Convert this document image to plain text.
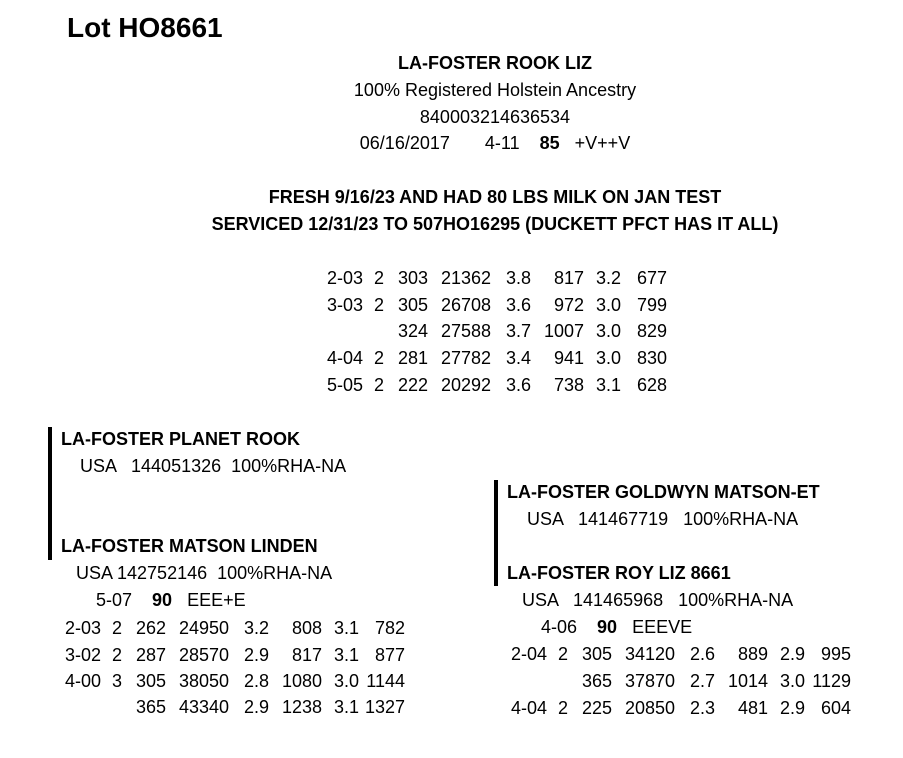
Lot HO8661
LA-FOSTER ROOK LIZ
100% Registered Holstein Ancestry
840003214636534
06/16/2017 4-11 85 +V++V
FRESH 9/16/23 AND HAD 80 LBS MILK ON JAN TEST
SERVICED 12/31/23 TO 507HO16295 (DUCKETT PFCT HAS IT ALL)
2-03 2 303 21362 3.8 817 3.2 677
3-03 2 305 26708 3.6 972 3.0 799
324 27588 3.7 1007 3.0 829
4-04 2 281 27782 3.4 941 3.0 830
5-05 2 222 20292 3.6 738 3.1 628
LA-FOSTER PLANET ROOK
USA   144051326  100%RHA-NA
LA-FOSTER MATSON LINDEN
USA 142752146  100%RHA-NA
5-07 90 EEE+E
2-03 2 262 24950 3.2 808 3.1 782
3-02 2 287 28570 2.9 817 3.1 877
4-00 3 305 38050 2.8 1080 3.0 1144
365 43340 2.9 1238 3.1 1327
LA-FOSTER GOLDWYN MATSON-ET
USA   141467719   100%RHA-NA
LA-FOSTER ROY LIZ 8661
USA   141465968   100%RHA-NA
4-06 90 EEEVE
2-04 2 305 34120 2.6 889 2.9 995
365 37870 2.7 1014 3.0 1129
4-04 2 225 20850 2.3 481 2.9 604
